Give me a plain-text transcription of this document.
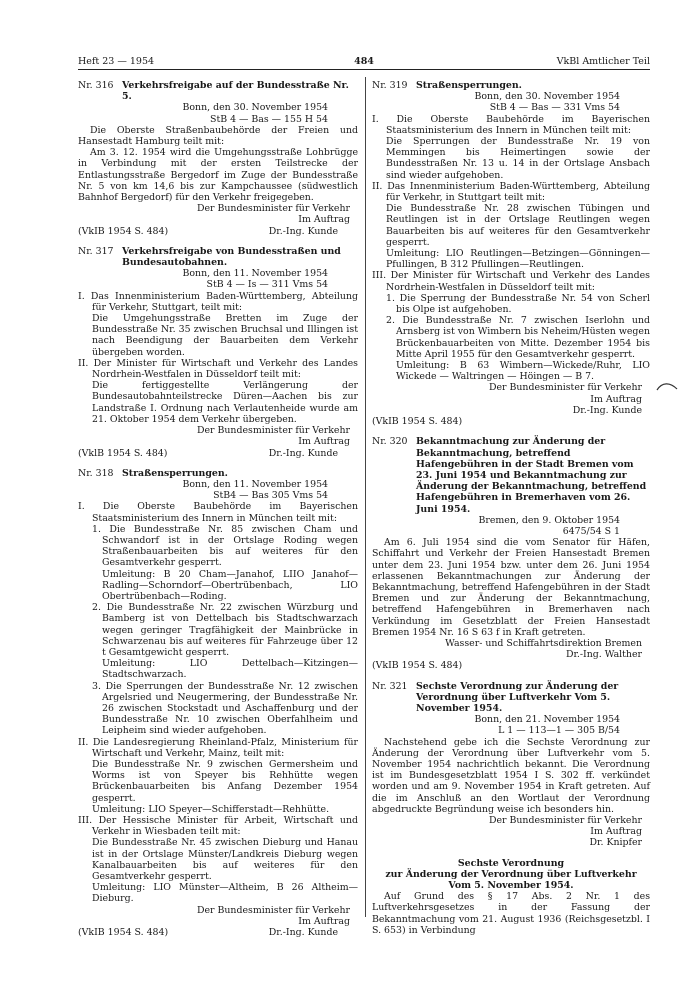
Heft 23 — 1954	484	VkBl Amtlicher Teil
Nr. 316 Verkehrsfreigabe auf der Bundesstraße Nr. 5.
Bonn, den 30. November 1954
StB 4 — Bas — 155 H 54
Die Oberste Straßenbaubehörde der Freien und Hansestadt Hamburg teilt mit:
Am 3. 12. 1954 wird die Umgehungsstraße Lohbrügge in Verbindung mit der ersten Teilstrecke der Entlastungsstraße Bergedorf im Zuge der Bundesstraße Nr. 5 von km 14,6 bis zur Kampchaussee (südwestlich Bahnhof Bergedorf) für den Verkehr freigegeben.
Der Bundesminister für Verkehr
Im Auftrag
(VkIB 1954 S. 484)	Dr.-Ing. Kunde
Nr. 317 Verkehrsfreigabe von Bundesstraßen und Bundesautobahnen.
Bonn, den 11. November 1954
StB 4 — Is — 311 Vms 54
I. Das Innenministerium Baden-Württemberg, Abteilung für Verkehr, Stuttgart, teilt mit:
Die Umgehungsstraße Bretten im Zuge der Bundesstraße Nr. 35 zwischen Bruchsal und Illingen ist nach Beendigung der Bauarbeiten dem Verkehr übergeben worden.
II. Der Minister für Wirtschaft und Verkehr des Landes Nordrhein-Westfalen in Düsseldorf teilt mit:
Die fertiggestellte Verlängerung der Bundesautobahnteilstrecke Düren—Aachen bis zur Landstraße I. Ordnung nach Verlautenheide wurde am 21. Oktober 1954 dem Verkehr übergeben.
Der Bundesminister für Verkehr
Im Auftrag
(VklB 1954 S. 484)	Dr.-Ing. Kunde
Nr. 318 Straßensperrungen.
Bonn, den 11. November 1954
StB4 — Bas 305 Vms 54
I. Die Oberste Baubehörde im Bayerischen Staatsministerium des Innern in München teilt mit:
1. Die Bundesstraße Nr. 85 zwischen Cham und Schwandorf ist in der Ortslage Roding wegen Straßenbauarbeiten bis auf weiteres für den Gesamtverkehr gesperrt.
Umleitung: B 20 Cham—Janahof, LIIO Janahof—Radling—Schorndorf—Obertrübenbach, LIO Obertrübenbach—Roding.
2. Die Bundesstraße Nr. 22 zwischen Würzburg und Bamberg ist von Dettelbach bis Stadtschwarzach wegen geringer Tragfähigkeit der Mainbrücke in Schwarzenau bis auf weiteres für Fahrzeuge über 12 t Gesamtgewicht gesperrt.
Umleitung: LIO Dettelbach—Kitzingen—Stadtschwarzach.
3. Die Sperrungen der Bundesstraße Nr. 12 zwischen Argelsried und Neugermering, der Bundesstraße Nr. 26 zwischen Stockstadt und Aschaffenburg und der Bundesstraße Nr. 10 zwischen Oberfahlheim und Leipheim sind wieder aufgehoben.
II. Die Landesregierung Rheinland-Pfalz, Ministerium für Wirtschaft und Verkehr, Mainz, teilt mit:
Die Bundesstraße Nr. 9 zwischen Germersheim und Worms ist von Speyer bis Rehhütte wegen Brückenbauarbeiten bis Anfang Dezember 1954 gesperrt.
Umleitung: LIO Speyer—Schifferstadt—Rehhütte.
III. Der Hessische Minister für Arbeit, Wirtschaft und Verkehr in Wiesbaden teilt mit:
Die Bundesstraße Nr. 45 zwischen Dieburg und Hanau ist in der Ortslage Münster/Landkreis Dieburg wegen Kanalbauarbeiten bis auf weiteres für den Gesamtverkehr gesperrt.
Umleitung: LIO Münster—Altheim, B 26 Altheim—Dieburg.
Der Bundesminister für Verkehr
Im Auftrag
(VkIB 1954 S. 484)	Dr.-Ing. Kunde
Nr. 319 Straßensperrungen.
Bonn, den 30. November 1954
StB 4 — Bas — 331 Vms 54
I. Die Oberste Baubehörde im Bayerischen Staatsministerium des Innern in München teilt mit:
Die Sperrungen der Bundesstraße Nr. 19 von Memmingen bis Heimertingen sowie der Bundesstraßen Nr. 13 u. 14 in der Ortslage Ansbach sind wieder aufgehoben.
II. Das Innenministerium Baden-Württemberg, Abteilung für Verkehr, in Stuttgart teilt mit:
Die Bundesstraße Nr. 28 zwischen Tübingen und Reutlingen ist in der Ortslage Reutlingen wegen Bauarbeiten bis auf weiteres für den Gesamtverkehr gesperrt.
Umleitung: LIO Reutlingen—Betzingen—Gönningen—Pfullingen, B 312 Pfullingen—Reutlingen.
III. Der Minister für Wirtschaft und Verkehr des Landes Nordrhein-Westfalen in Düsseldorf teilt mit:
1. Die Sperrung der Bundesstraße Nr. 54 von Scherl bis Olpe ist aufgehoben.
2. Die Bundesstraße Nr. 7 zwischen Iserlohn und Arnsberg ist von Wimbern bis Neheim/Hüsten wegen Brückenbauarbeiten von Mitte. Dezember 1954 bis Mitte April 1955 für den Gesamtverkehr gesperrt.
Umleitung: B 63 Wimbern—Wickede/Ruhr, LIO Wickede — Waltringen — Höingen — B 7.
Der Bundesminister für Verkehr
Im Auftrag
Dr.-Ing. Kunde
(VkIB 1954 S. 484)
Nr. 320 Bekanntmachung zur Änderung der Bekanntmachung, betreffend Hafengebühren in der Stadt Bremen vom 23. Juni 1954 und Bekanntmachung zur Änderung der Bekanntmachung, betreffend Hafengebühren in Bremerhaven vom 26. Juni 1954.
Bremen, den 9. Oktober 1954
6475/54 S 1
Am 6. Juli 1954 sind die vom Senator für Häfen, Schiffahrt und Verkehr der Freien Hansestadt Bremen unter dem 23. Juni 1954 bzw. unter dem 26. Juni 1954 erlassenen Bekanntmachungen zur Änderung der Bekanntmachung, betreffend Hafengebühren in der Stadt Bremen und zur Änderung der Bekanntmachung, betreffend Hafengebühren in Bremerhaven nach Verkündung im Gesetzblatt der Freien Hansestadt Bremen 1954 Nr. 16 S 63 f in Kraft getreten.
Wasser- und Schiffahrtsdirektion Bremen
Dr.-Ing. Walther
(VkIB 1954 S. 484)
Nr. 321 Sechste Verordnung zur Änderung der Verordnung über Luftverkehr Vom 5. November 1954.
Bonn, den 21. November 1954
L 1 — 113—1 — 305 B/54
Nachstehend gebe ich die Sechste Verordnung zur Änderung der Verordnung über Luftverkehr vom 5. November 1954 nachrichtlich bekannt. Die Verordnung ist im Bundesgesetzblatt 1954 I S. 302 ff. verkündet worden und am 9. November 1954 in Kraft getreten. Auf die im Anschluß an den Wortlaut der Verordnung abgedruckte Begründung weise ich besonders hin.
Der Bundesminister für Verkehr
Im Auftrag
Dr. Knipfer
Sechste Verordnung
zur Änderung der Verordnung über Luftverkehr
Vom 5. November 1954.
Auf Grund des § 17 Abs. 2 Nr. 1 des Luftverkehrsgesetzes in der Fassung der Bekanntmachung vom 21. August 1936 (Reichsgesetzbl. I S. 653) in Verbindung
